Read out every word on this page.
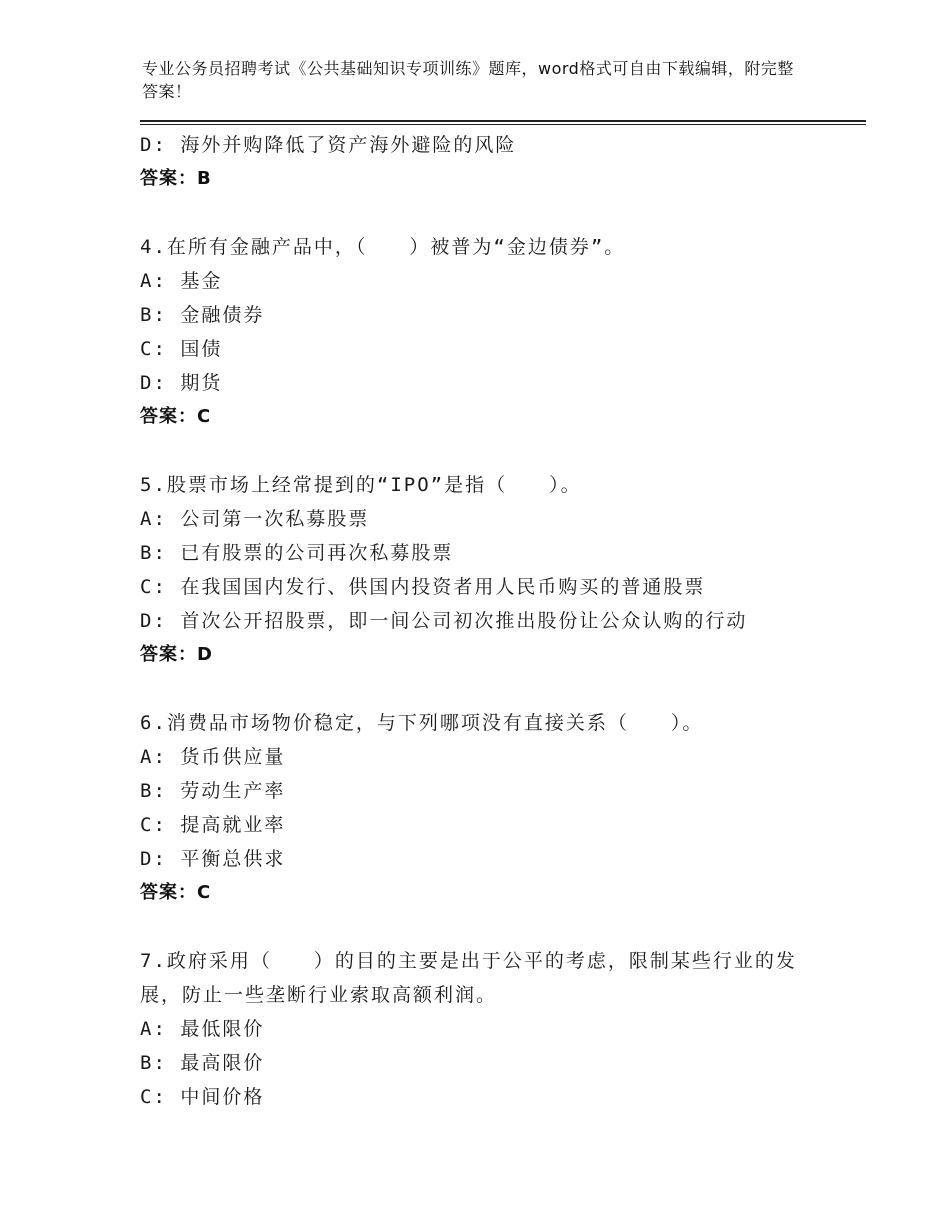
专业公务员招聘考试《公共基础知识专项训练》题库，word格式可自由下载编辑，附完整答案！
D: 海外并购降低了资产海外避险的风险
答案：B
4.在所有金融产品中，（　　）被普为“金边债券”。
A: 基金
B: 金融债券
C: 国债
D: 期货
答案：C
5.股票市场上经常提到的“IPO”是指（　　）。
A: 公司第一次私募股票
B: 已有股票的公司再次私募股票
C: 在我国国内发行、供国内投资者用人民币购买的普通股票
D: 首次公开招股票，即一间公司初次推出股份让公众认购的行动
答案：D
6.消费品市场物价稳定，与下列哪项没有直接关系（　　）。
A: 货币供应量
B: 劳动生产率
C: 提高就业率
D: 平衡总供求
答案：C
7.政府采用（　　）的目的主要是出于公平的考虑，限制某些行业的发展，防止一些垄断行业索取高额利润。
A: 最低限价
B: 最高限价
C: 中间价格
